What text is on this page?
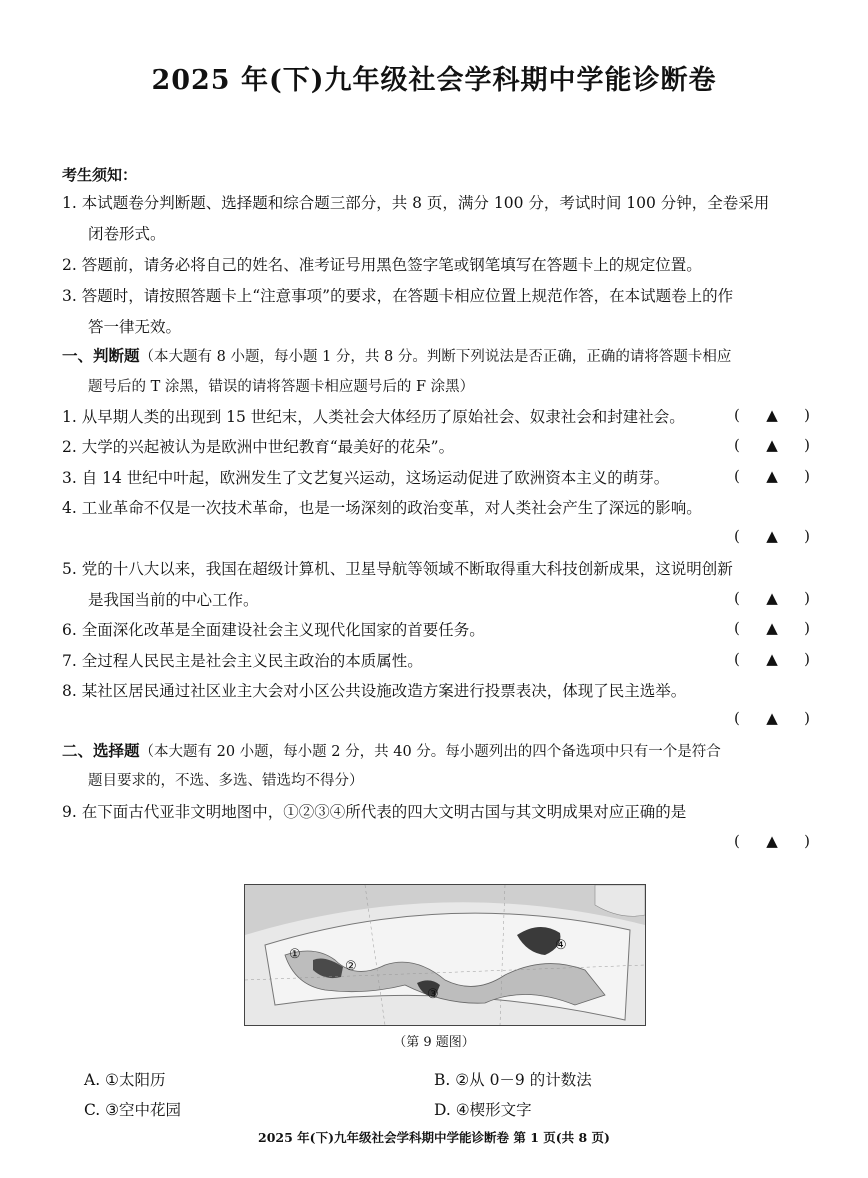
2025 年(下)九年级社会学科期中学能诊断卷
考生须知：
1. 本试题卷分判断题、选择题和综合题三部分，共 8 页，满分 100 分，考试时间 100 分钟，全卷采用
闭卷形式。
2. 答题前，请务必将自己的姓名、准考证号用黑色签字笔或钢笔填写在答题卡上的规定位置。
3. 答题时，请按照答题卡上“注意事项”的要求，在答题卡相应位置上规范作答，在本试题卷上的作
答一律无效。
一、判断题（本大题有 8 小题，每小题 1 分，共 8 分。判断下列说法是否正确，正确的请将答题卡相应
题号后的 T 涂黑，错误的请将答题卡相应题号后的 F 涂黑）
1. 从早期人类的出现到 15 世纪末，人类社会大体经历了原始社会、奴隶社会和封建社会。	( ▲ )
2. 大学的兴起被认为是欧洲中世纪教育“最美好的花朵”。	( ▲ )
3. 自 14 世纪中叶起，欧洲发生了文艺复兴运动，这场运动促进了欧洲资本主义的萌芽。	( ▲ )
4. 工业革命不仅是一次技术革命，也是一场深刻的政治变革，对人类社会产生了深远的影响。
( ▲ )
5. 党的十八大以来，我国在超级计算机、卫星导航等领域不断取得重大科技创新成果，这说明创新
是我国当前的中心工作。	( ▲ )
6. 全面深化改革是全面建设社会主义现代化国家的首要任务。	( ▲ )
7. 全过程人民民主是社会主义民主政治的本质属性。	( ▲ )
8. 某社区居民通过社区业主大会对小区公共设施改造方案进行投票表决，体现了民主选举。
( ▲ )
二、选择题（本大题有 20 小题，每小题 2 分，共 40 分。每小题列出的四个备选项中只有一个是符合
题目要求的，不选、多选、错选均不得分）
9. 在下面古代亚非文明地图中，①②③④所代表的四大文明古国与其文明成果对应正确的是
( ▲ )
①
②
③
④
（第 9 题图）
A. ①太阳历	B. ②从 0－9 的计数法
C. ③空中花园	D. ④楔形文字
2025 年(下)九年级社会学科期中学能诊断卷 第 1 页(共 8 页)
